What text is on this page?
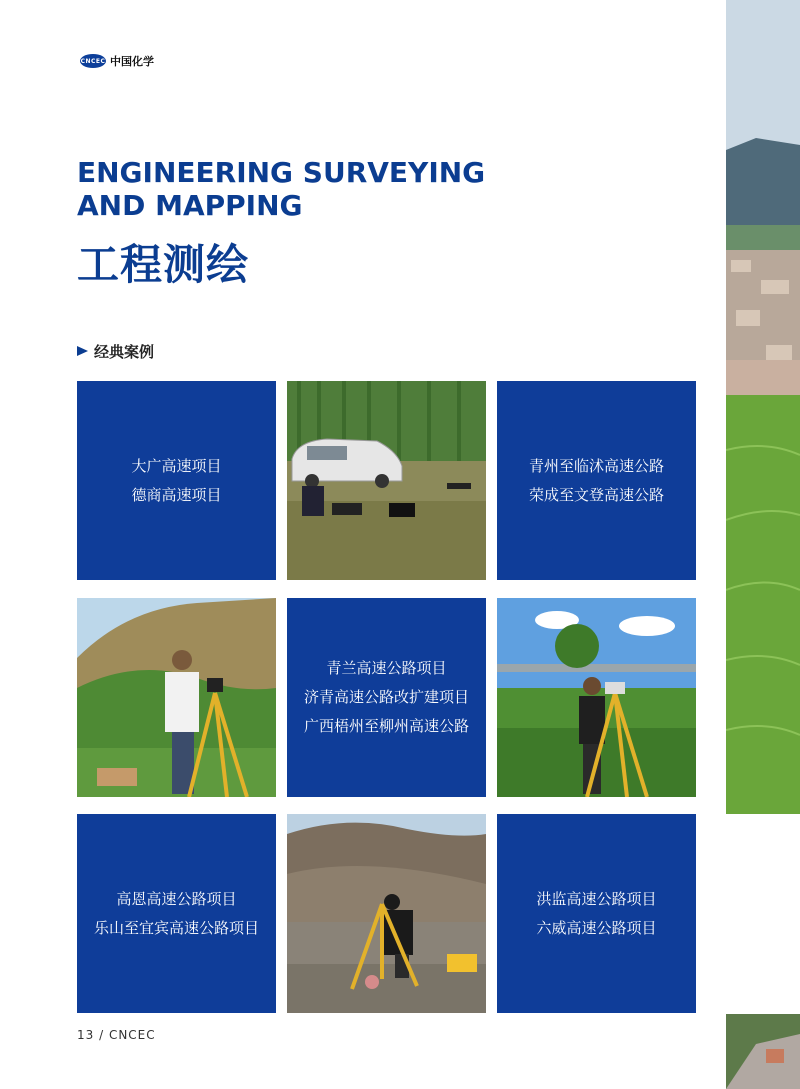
CNCEC 中国化学
ENGINEERING SURVEYING
AND MAPPING
工程测绘
经典案例
大广高速项目
德商高速项目
青州至临沭高速公路
荣成至文登高速公路
青兰高速公路项目
济青高速公路改扩建项目
广西梧州至柳州高速公路
高恩高速公路项目
乐山至宜宾高速公路项目
洪监高速公路项目
六威高速公路项目
13 / CNCEC
